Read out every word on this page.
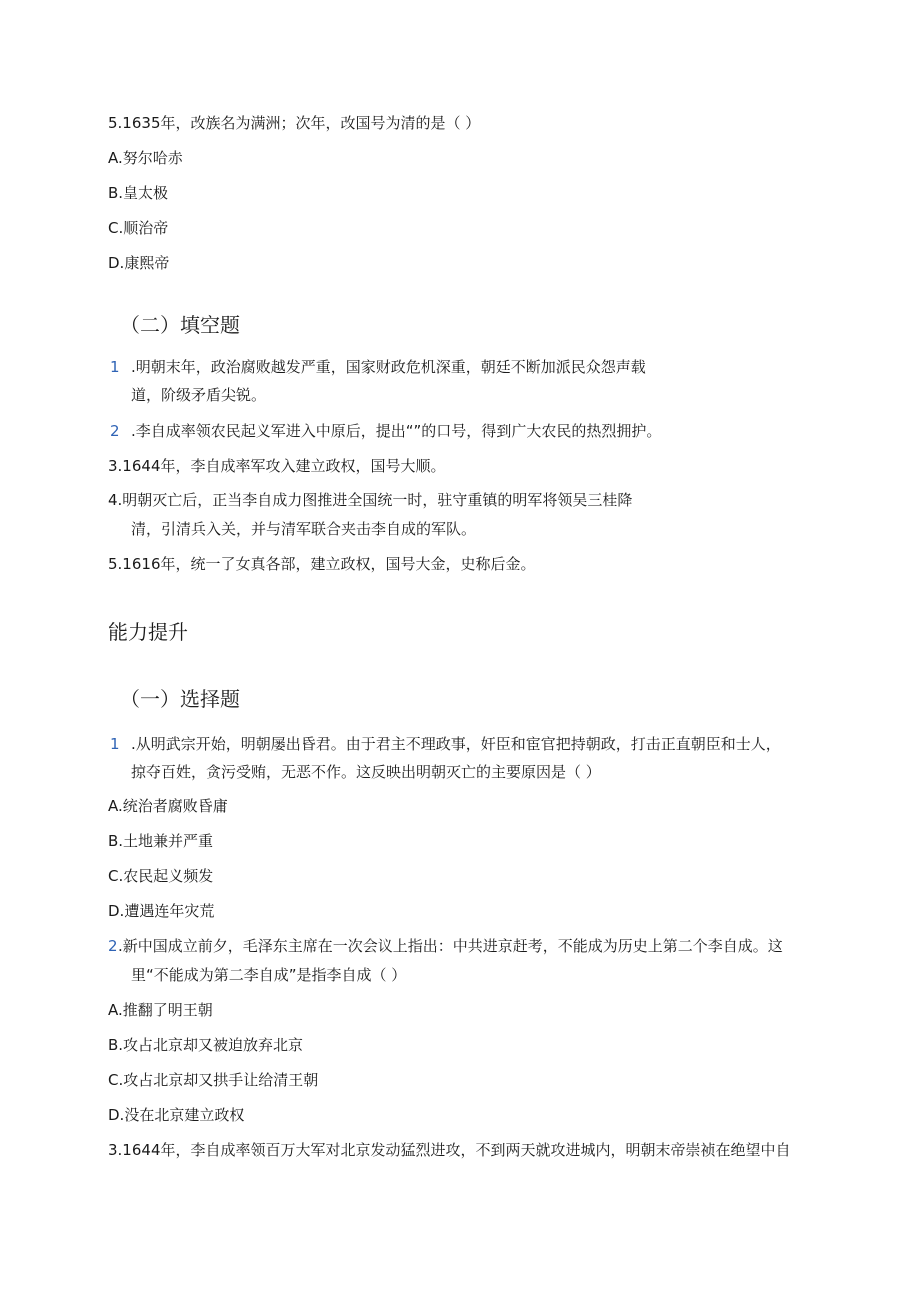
5.1635年，改族名为满洲；次年，改国号为清的是（ ）
A.努尔哈赤
B.皇太极
C.顺治帝
D.康熙帝
（二）填空题
1 .明朝末年，政治腐败越发严重，国家财政危机深重，朝廷不断加派民众怨声载
道，阶级矛盾尖锐。
2 .李自成率领农民起义军进入中原后，提出“”的口号，得到广大农民的热烈拥护。
3.1644年，李自成率军攻入建立政权，国号大顺。
4.明朝灭亡后，正当李自成力图推进全国统一时，驻守重镇的明军将领吴三桂降
清，引清兵入关，并与清军联合夹击李自成的军队。
5.1616年，统一了女真各部，建立政权，国号大金，史称后金。
能力提升
（一）选择题
1 .从明武宗开始，明朝屡出昏君。由于君主不理政事，奸臣和宦官把持朝政，打击正直朝臣和士人，
掠夺百姓，贪污受贿，无恶不作。这反映出明朝灭亡的主要原因是（ ）
A.统治者腐败昏庸
B.土地兼并严重
C.农民起义频发
D.遭遇连年灾荒
2 .新中国成立前夕，毛泽东主席在一次会议上指出：中共进京赶考，不能成为历史上第二个李自成。这
里“不能成为第二李自成”是指李自成（ ）
A.推翻了明王朝
B.攻占北京却又被迫放弃北京
C.攻占北京却又拱手让给清王朝
D.没在北京建立政权
3.1644年，李自成率领百万大军对北京发动猛烈进攻，不到两天就攻进城内，明朝末帝崇祯在绝望中自
